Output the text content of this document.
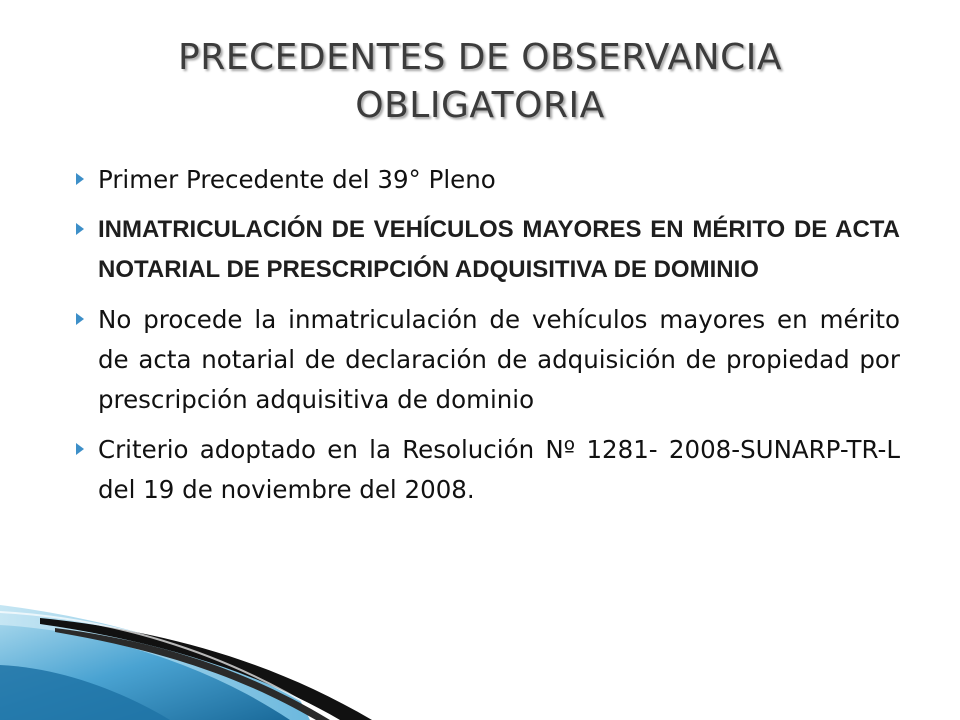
PRECEDENTES DE OBSERVANCIA OBLIGATORIA
Primer Precedente del 39° Pleno
INMATRICULACIÓN DE VEHÍCULOS MAYORES EN MÉRITO DE ACTA NOTARIAL DE PRESCRIPCIÓN ADQUISITIVA DE DOMINIO
No procede la inmatriculación de vehículos mayores en mérito de acta notarial de declaración de adquisición de propiedad por prescripción adquisitiva de dominio
Criterio adoptado en la Resolución Nº 1281- 2008-SUNARP-TR-L del 19 de noviembre del 2008.
